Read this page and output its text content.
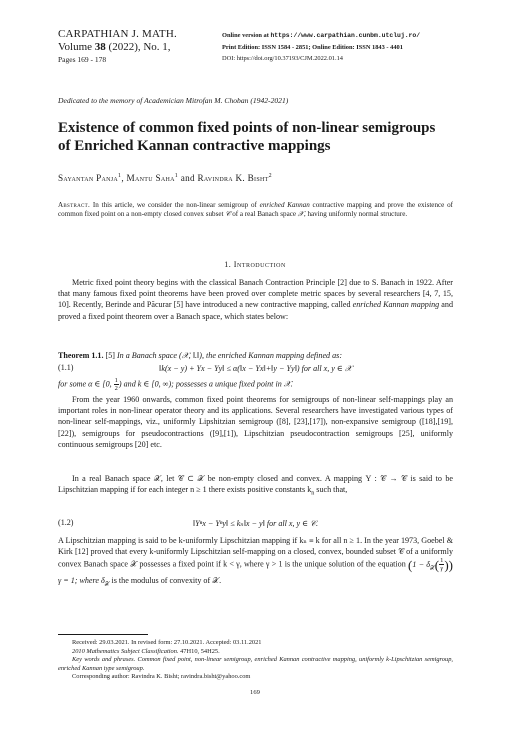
CARPATHIAN J. MATH.
Volume 38 (2022), No. 1,
Pages 169 - 178
Online version at https://www.carpathian.cunbm.utcluj.ro/
Print Edition: ISSN 1584 - 2851; Online Edition: ISSN 1843 - 4401
DOI: https://doi.org/10.37193/CJM.2022.01.14
Dedicated to the memory of Academician Mitrofan M. Choban (1942-2021)
Existence of common fixed points of non-linear semigroups
of Enriched Kannan contractive mappings
Sayantan Panja$^1$, Mantu Saha$^1$ and Ravindra K. Bisht$^2$
Abstract. In this article, we consider the non-linear semigroup of enriched Kannan contractive mapping and prove the existence of common fixed point on a non-empty closed convex subset 𝒞 of a real Banach space 𝒳, having uniformly normal structure.
1. Introduction
Metric fixed point theory begins with the classical Banach Contraction Principle [2] due to S. Banach in 1922. After that many famous fixed point theorems have been proved over complete metric spaces by several researchers [4, 7, 15, 10]. Recently, Berinde and Păcurar [5] have introduced a new contractive mapping, called enriched Kannan mapping and proved a fixed point theorem over a Banach space, which states below:
Theorem 1.1. [5] In a Banach space (𝒳, ‖.‖), the enriched Kannan mapping defined as:
(1.1)	‖k(x − y) + Υx − Υy‖ ≤ α(‖x − Υx‖+‖y − Υy‖) for all x, y ∈ 𝒳
for some α ∈ [0, $\frac{1}{2}$ ) and k ∈ [0, ∞); possesses a unique fixed point in 𝒳.
From the year 1960 onwards, common fixed point theorems for semigroups of non-linear self-mappings play an important roles in non-linear operator theory and its applications. Several researchers have investigated various types of non-linear self-mappings, viz., uniformly Lipshitzian semigroup ([8], [23],[17]), non-expansive semigroup ([18],[19], [22]), semigroups for pseudocontractions ([9],[1]), Lipschitzian pseudocontraction semigroups [25], uniformly continuous semigroups [20] etc.
In a real Banach space 𝒳, let 𝒞 ⊂ 𝒳 be non-empty closed and convex. A mapping Υ : 𝒞 → 𝒞 is said to be Lipschitzian mapping if for each integer n ≥ 1 there exists positive constants $k_n$ such that,
(1.2)	‖Υⁿx − Υⁿy‖ ≤ kₙ‖x − y‖ for all x, y ∈ 𝒞.
A Lipschitzian mapping is said to be k-uniformly Lipschitzian mapping if kₙ ≡ k for all n ≥ 1. In the year 1973, Goebel & Kirk [12] proved that every k-uniformly Lipschitzian self-mapping on a closed, convex, bounded subset 𝒞 of a uniformly convex Banach space 𝒳 possesses a fixed point if k < γ, where γ > 1 is the unique solution of the equation ($1 - \delta_𝒳( \frac{1}{\gamma}$ )) γ = 1; where $\delta_𝒳$ is the modulus of convexity of 𝒳.
Received: 29.03.2021. In revised form: 27.10.2021. Accepted: 03.11.2021
2010 Mathematics Subject Classification. 47H10, 54H25.
Key words and phrases. Common fixed point, non-linear semigroup, enriched Kannan contractive mapping, uniformly k-Lipschitzian semigroup, enriched Kannan type semigroup.
Corresponding author: Ravindra K. Bisht; ravindra.bisht@yahoo.com
169
